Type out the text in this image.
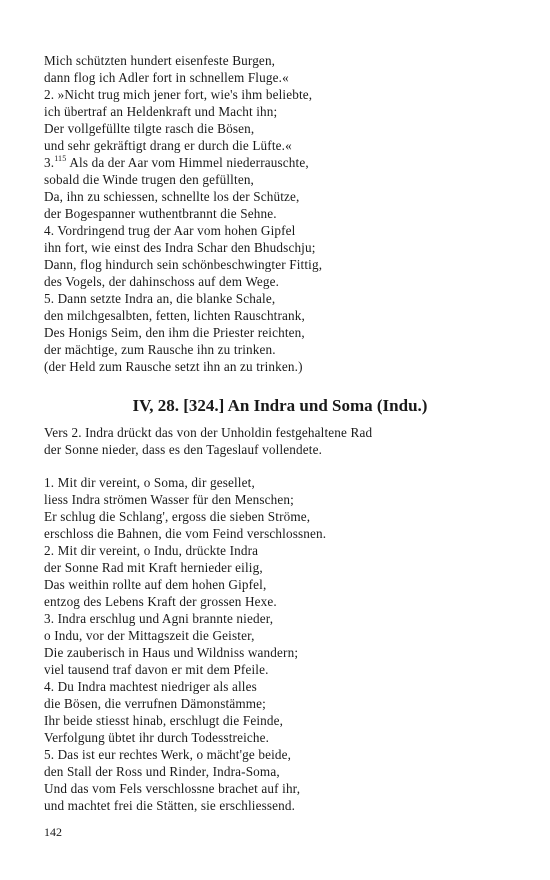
Mich schützten hundert eisenfeste Burgen,
dann flog ich Adler fort in schnellem Fluge.«
2. »Nicht trug mich jener fort, wie's ihm beliebte,
ich übertraf an Heldenkraft und Macht ihn;
Der vollgefüllte tilgte rasch die Bösen,
und sehr gekräftigt drang er durch die Lüfte.«
3.$^{115}$ Als da der Aar vom Himmel niederrauschte,
sobald die Winde trugen den gefüllten,
Da, ihn zu schiessen, schnellte los der Schütze,
der Bogespanner wuthentbrannt die Sehne.
4. Vordringend trug der Aar vom hohen Gipfel
ihn fort, wie einst des Indra Schar den Bhudschju;
Dann, flog hindurch sein schönbeschwingter Fittig,
des Vogels, der dahinschoss auf dem Wege.
5. Dann setzte Indra an, die blanke Schale,
den milchgesalbten, fetten, lichten Rauschtrank,
Des Honigs Seim, den ihm die Priester reichten,
der mächtige, zum Rausche ihn zu trinken.
(der Held zum Rausche setzt ihn an zu trinken.)
IV, 28. [324.] An Indra und Soma (Indu.)
Vers 2. Indra drückt das von der Unholdin festgehaltene Rad
der Sonne nieder, dass es den Tageslauf vollendete.
1. Mit dir vereint, o Soma, dir gesellet,
liess Indra strömen Wasser für den Menschen;
Er schlug die Schlang', ergoss die sieben Ströme,
erschloss die Bahnen, die vom Feind verschlossnen.
2. Mit dir vereint, o Indu, drückte Indra
der Sonne Rad mit Kraft hernieder eilig,
Das weithin rollte auf dem hohen Gipfel,
entzog des Lebens Kraft der grossen Hexe.
3. Indra erschlug und Agni brannte nieder,
o Indu, vor der Mittagszeit die Geister,
Die zauberisch in Haus und Wildniss wandern;
viel tausend traf davon er mit dem Pfeile.
4. Du Indra machtest niedriger als alles
die Bösen, die verrufnen Dämonstämme;
Ihr beide stiesst hinab, erschlugt die Feinde,
Verfolgung übtet ihr durch Todesstreiche.
5. Das ist eur rechtes Werk, o mächt'ge beide,
den Stall der Ross und Rinder, Indra-Soma,
Und das vom Fels verschlossne brachet auf ihr,
und machtet frei die Stätten, sie erschliessend.
142
